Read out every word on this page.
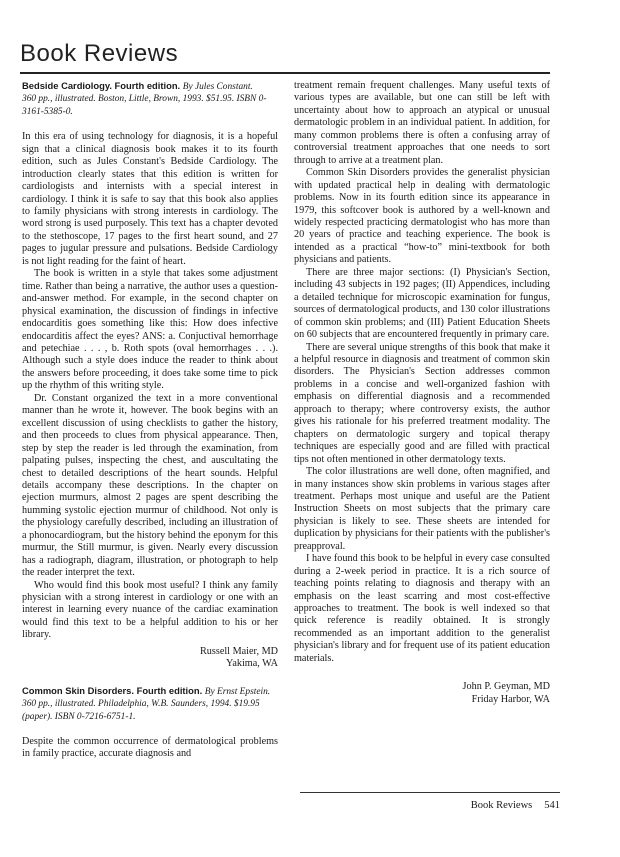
Book Reviews
Bedside Cardiology. Fourth edition. By Jules Constant.
360 pp., illustrated. Boston, Little, Brown, 1993. $51.95. ISBN 0-3161-5385-0.

In this era of using technology for diagnosis, it is a hopeful sign that a clinical diagnosis book makes it to its fourth edition, such as Jules Constant's Bedside Cardiology. The introduction clearly states that this edition is written for cardiologists and internists with a special interest in cardiology. I think it is safe to say that this book also applies to family physicians with strong interests in cardiology. The word strong is used purposely. This text has a chapter devoted to the stethoscope, 17 pages to the first heart sound, and 27 pages to jugular pressure and pulsations. Bedside Cardiology is not light reading for the faint of heart.

The book is written in a style that takes some adjustment time. Rather than being a narrative, the author uses a question-and-answer method. For example, in the second chapter on physical examination, the discussion of findings in infective endocarditis goes something like this: How does infective endocarditis affect the eyes? ANS: a. Conjuctival hemorrhage and petechiae . . . , b. Roth spots (oval hemorrhages . . .). Although such a style does induce the reader to think about the answers before proceeding, it does take some time to pick up the rhythm of this writing style.

Dr. Constant organized the text in a more conventional manner than he wrote it, however. The book begins with an excellent discussion of using checklists to gather the history, and then proceeds to clues from physical appearance. Then, step by step the reader is led through the examination, from palpating pulses, inspecting the chest, and auscultating the chest to detailed descriptions of the heart sounds. Helpful details accompany these descriptions. In the chapter on ejection murmurs, almost 2 pages are spent describing the humming systolic ejection murmur of childhood. Not only is the physiology carefully described, including an illustration of a phonocardiogram, but the history behind the eponym for this murmur, the Still murmur, is given. Nearly every discussion has a radiograph, diagram, illustration, or photograph to help the reader interpret the text.

Who would find this book most useful? I think any family physician with a strong interest in cardiology or one with an interest in learning every nuance of the cardiac examination would find this text to be a helpful addition to his or her library.

Russell Maier, MD
Yakima, WA
Common Skin Disorders. Fourth edition. By Ernst Epstein.
360 pp., illustrated. Philadelphia, W.B. Saunders, 1994. $19.95 (paper). ISBN 0-7216-6751-1.

Despite the common occurrence of dermatological problems in family practice, accurate diagnosis and

treatment remain frequent challenges. Many useful texts of various types are available, but one can still be left with uncertainty about how to approach an atypical or unusual dermatologic problem in an individual patient. In addition, for many common problems there is often a confusing array of controversial treatment approaches that one needs to sort through to arrive at a treatment plan.

Common Skin Disorders provides the generalist physician with updated practical help in dealing with dermatologic problems. Now in its fourth edition since its appearance in 1979, this softcover book is authored by a well-known and widely respected practicing dermatologist who has more than 20 years of practice and teaching experience. The book is intended as a practical “how-to” mini-textbook for both physicians and patients.

There are three major sections: (I) Physician's Section, including 43 subjects in 192 pages; (II) Appendices, including a detailed technique for microscopic examination for fungus, sources of dermatological products, and 130 color illustrations of common skin problems; and (III) Patient Education Sheets on 60 subjects that are encountered frequently in primary care.

There are several unique strengths of this book that make it a helpful resource in diagnosis and treatment of common skin disorders. The Physician's Section addresses common problems in a concise and well-organized fashion with emphasis on differential diagnosis and a recommended approach to therapy; where controversy exists, the author gives his rationale for his preferred treatment modality. The chapters on dermatologic surgery and topical therapy techniques are especially good and are filled with practical tips not often mentioned in other dermatology texts.

The color illustrations are well done, often magnified, and in many instances show skin problems in various stages after treatment. Perhaps most unique and useful are the Patient Instruction Sheets on most subjects that the primary care physician is likely to see. These sheets are intended for duplication by physicians for their patients with the publisher's preapproval.

I have found this book to be helpful in every case consulted during a 2-week period in practice. It is a rich source of teaching points relating to diagnosis and therapy with an emphasis on the least scarring and most cost-effective approaches to treatment. The book is well indexed so that quick reference is readily obtained. It is strongly recommended as an important addition to the generalist physician's library and for frequent use of its patient education materials.

John P. Geyman, MD
Friday Harbor, WA
Book Reviews 541
